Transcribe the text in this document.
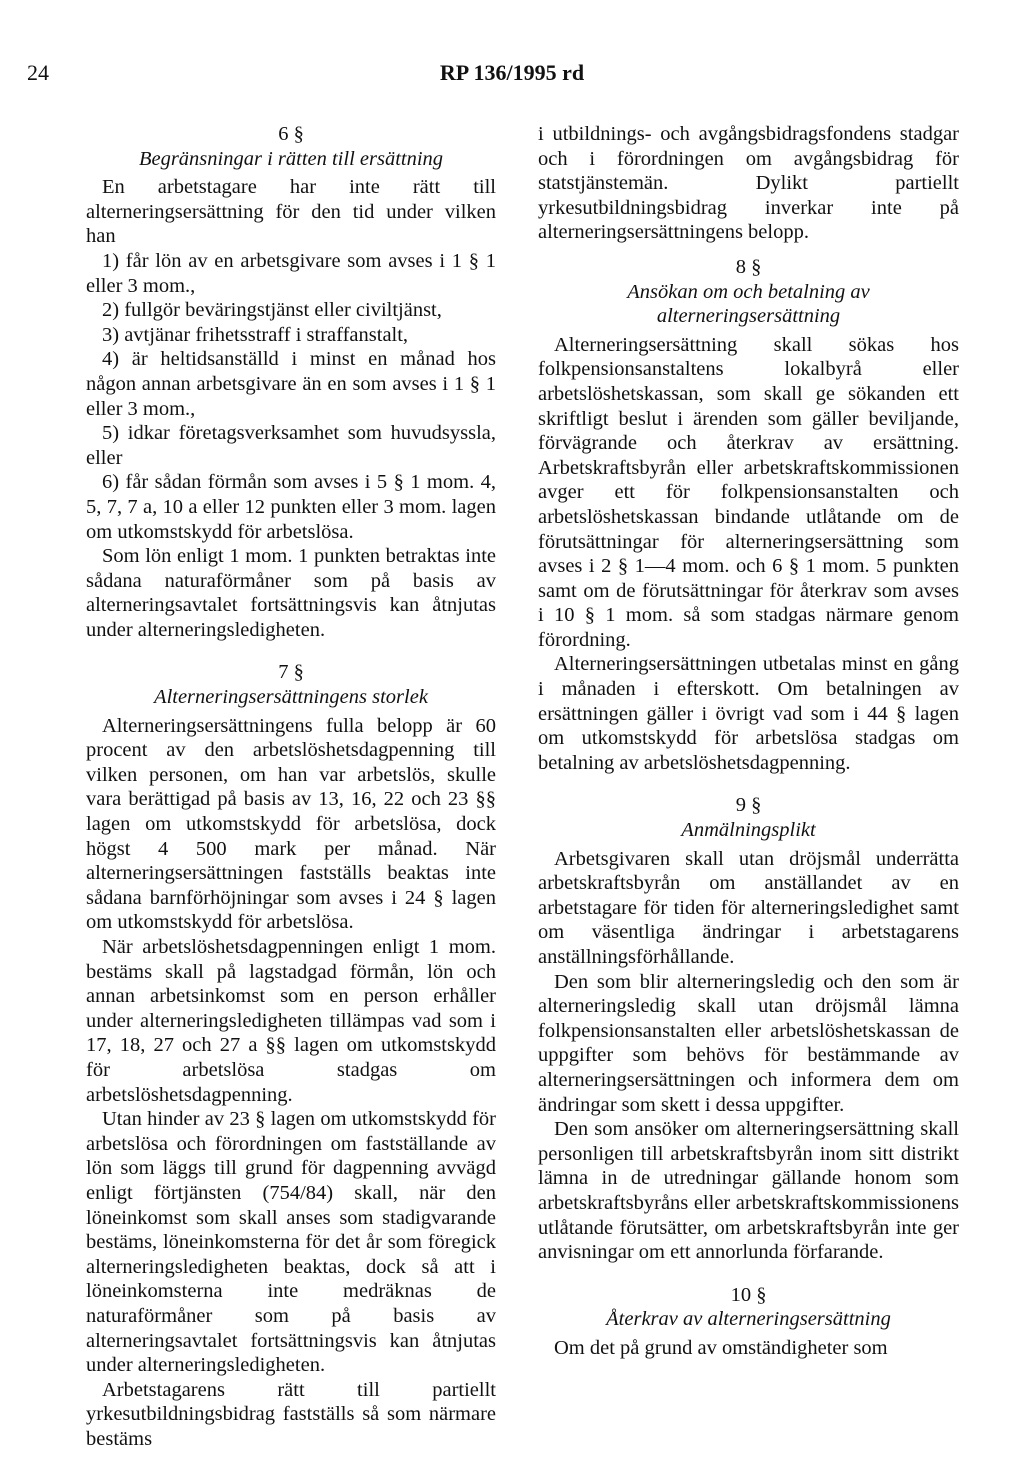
24	RP 136/1995 rd

6 §

Begränsningar i rätten till ersättning

En arbetstagare har inte rätt till alterneringsersättning för den tid under vilken han

1) får lön av en arbetsgivare som avses i 1 § 1 eller 3 mom.,

2) fullgör beväringstjänst eller civiltjänst,

3) avtjänar frihetsstraff i straffanstalt,

4) är heltidsanställd i minst en månad hos någon annan arbetsgivare än en som avses i 1 § 1 eller 3 mom.,

5) idkar företagsverksamhet som huvudsyssla, eller

6) får sådan förmån som avses i 5 § 1 mom. 4, 5, 7, 7 a, 10 a eller 12 punkten eller 3 mom. lagen om utkomstskydd för arbetslösa.

Som lön enligt 1 mom. 1 punkten betraktas inte sådana naturaförmåner som på basis av alterneringsavtalet fortsättningsvis kan åtnjutas under alterneringsledigheten.

7 §

Alterneringsersättningens storlek

Alterneringsersättningens fulla belopp är 60 procent av den arbetslöshetsdagpenning till vilken personen, om han var arbetslös, skulle vara berättigad på basis av 13, 16, 22 och 23 §§ lagen om utkomstskydd för arbetslösa, dock högst 4 500 mark per månad. När alterneringsersättningen fastställs beaktas inte sådana barnförhöjningar som avses i 24 § lagen om utkomstskydd för arbetslösa.

När arbetslöshetsdagpenningen enligt 1 mom. bestäms skall på lagstadgad förmån, lön och annan arbetsinkomst som en person erhåller under alterneringsledigheten tillämpas vad som i 17, 18, 27 och 27 a §§ lagen om utkomstskydd för arbetslösa stadgas om arbetslöshetsdagpenning.

Utan hinder av 23 § lagen om utkomstskydd för arbetslösa och förordningen om fastställande av lön som läggs till grund för dagpenning avvägd enligt förtjänsten (754/84) skall, när den löneinkomst som skall anses som stadigvarande bestäms, löneinkomsterna för det år som föregick alterneringsledigheten beaktas, dock så att i löneinkomsterna inte medräknas de naturaförmåner som på basis av alterneringsavtalet fortsättningsvis kan åtnjutas under alterneringsledigheten.

Arbetstagarens rätt till partiellt yrkesutbildningsbidrag fastställs så som närmare bestäms

i utbildnings- och avgångsbidragsfondens stadgar och i förordningen om avgångsbidrag för statstjänstemän. Dylikt partiellt yrkesutbildningsbidrag inverkar inte på alterneringsersättningens belopp.

8 §

Ansökan om och betalning av alterneringsersättning

Alterneringsersättning skall sökas hos folkpensionsanstaltens lokalbyrå eller arbetslöshetskassan, som skall ge sökanden ett skriftligt beslut i ärenden som gäller beviljande, förvägrande och återkrav av ersättning. Arbetskraftsbyrån eller arbetskraftskommissionen avger ett för folkpensionsanstalten och arbetslöshetskassan bindande utlåtande om de förutsättningar för alterneringsersättning som avses i 2 § 1—4 mom. och 6 § 1 mom. 5 punkten samt om de förutsättningar för återkrav som avses i 10 § 1 mom. så som stadgas närmare genom förordning.

Alterneringsersättningen utbetalas minst en gång i månaden i efterskott. Om betalningen av ersättningen gäller i övrigt vad som i 44 § lagen om utkomstskydd för arbetslösa stadgas om betalning av arbetslöshetsdagpenning.

9 §

Anmälningsplikt

Arbetsgivaren skall utan dröjsmål underrätta arbetskraftsbyrån om anställandet av en arbetstagare för tiden för alterneringsledighet samt om väsentliga ändringar i arbetstagarens anställningsförhållande.

Den som blir alterneringsledig och den som är alterneringsledig skall utan dröjsmål lämna folkpensionsanstalten eller arbetslöshetskassan de uppgifter som behövs för bestämmande av alterneringsersättningen och informera dem om ändringar som skett i dessa uppgifter.

Den som ansöker om alterneringsersättning skall personligen till arbetskraftsbyrån inom sitt distrikt lämna in de utredningar gällande honom som arbetskraftsbyråns eller arbetskraftskommissionens utlåtande förutsätter, om arbetskraftsbyrån inte ger anvisningar om ett annorlunda förfarande.

10 §

Återkrav av alterneringsersättning

Om det på grund av omständigheter som
